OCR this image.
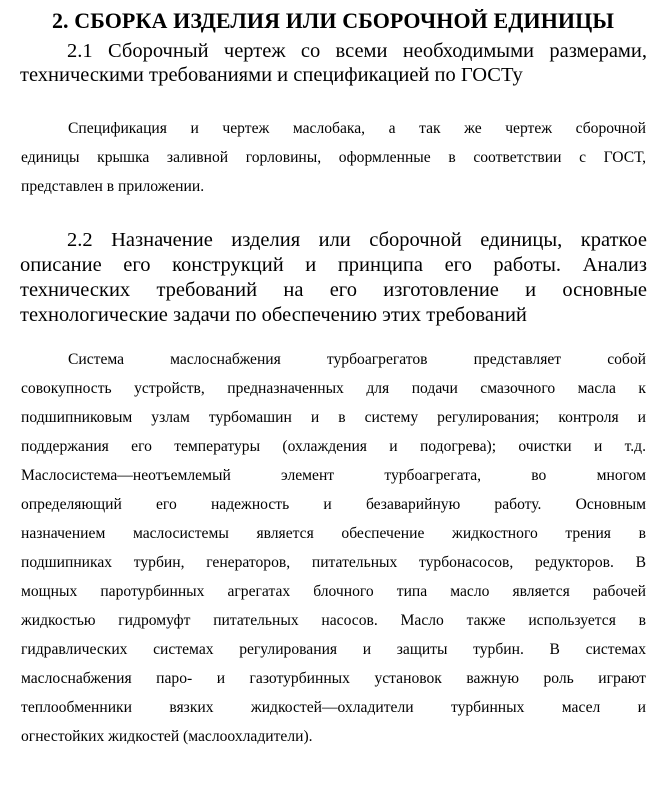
2. СБОРКА ИЗДЕЛИЯ ИЛИ СБОРОЧНОЙ ЕДИНИЦЫ
2.1 Сборочный чертеж со всеми необходимыми размерами,
техническими требованиями и спецификацией по ГОСТу
Спецификация и чертеж маслобака, а так же чертеж сборочной
единицы крышка заливной горловины, оформленные в соответствии с ГОСТ,
представлен в приложении.
2.2 Назначение изделия или сборочной единицы, краткое
описание его конструкций и принципа его работы. Анализ
технических требований на его изготовление и основные
технологические задачи по обеспечению этих требований
Система маслоснабжения турбоагрегатов представляет собой
совокупность устройств, предназначенных для подачи смазочного масла к
подшипниковым узлам турбомашин и в систему регулирования; контроля и
поддержания его температуры (охлаждения и подогрева); очистки и т.д.
Маслосистема—неотъемлемый элемент турбоагрегата, во многом
определяющий его надежность и безаварийную работу. Основным
назначением маслосистемы является обеспечение жидкостного трения в
подшипниках турбин, генераторов, питательных турбонасосов, редукторов. В
мощных паротурбинных агрегатах блочного типа масло является рабочей
жидкостью гидромуфт питательных насосов. Масло также используется в
гидравлических системах регулирования и защиты турбин. В системах
маслоснабжения паро- и газотурбинных установок важную роль играют
теплообменники вязких жидкостей—охладители турбинных масел и
огнестойких жидкостей (маслоохладители).
